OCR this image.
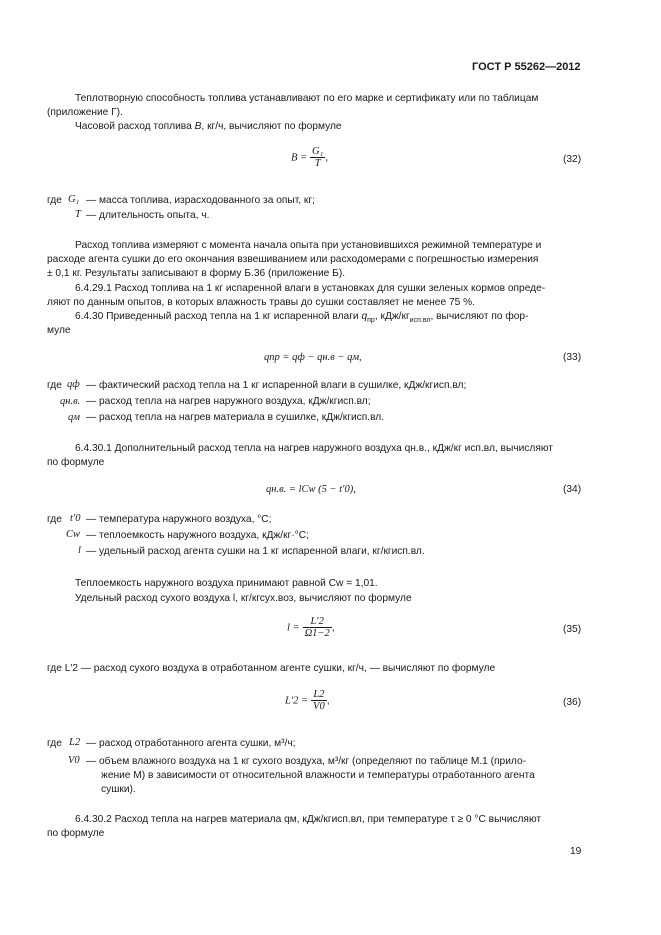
ГОСТ Р 55262—2012
Теплотворную способность топлива устанавливают по его марке и сертификату или по таблицам
(приложение Г).
Часовой расход топлива B, кг/ч, вычисляют по формуле
$B = \frac{\text{G₁}}{T}$ ,	(32)
где G₁ — масса топлива, израсходованного за опыт, кг;
T — длительность опыта, ч.
Расход топлива измеряют с момента начала опыта при установившихся режимной температуре и
расходе агента сушки до его окончания взвешиванием или расходомерами с погрешностью измерения
± 0,1 кг. Результаты записывают в форму Б.36 (приложение Б).
6.4.29.1 Расход топлива на 1 кг испаренной влаги в установках для сушки зеленых кормов опреде-
ляют по данным опытов, в которых влажность травы до сушки составляет не менее 75 %.
6.4.30 Приведенный расход тепла на 1 кг испаренной влаги $q_{пр}$, кДж/$кг_{исп.вл}$, вычисляют по фор-
муле
qпр = qф − qн.в − qм,	(33)
где qф — фактический расход тепла на 1 кг испаренной влаги в сушилке, кДж/кгисп.вл;
qн.в. — расход тепла на нагрев наружного воздуха, кДж/кгисп.вл;
qм — расход тепла на нагрев материала в сушилке, кДж/кгисп.вл.
6.4.30.1 Дополнительный расход тепла на нагрев наружного воздуха qн.в., кДж/кг исп.вл, вычисляют
по формуле
qн.в. = lCw (5 − t′0),	(34)
где t′0 — температура наружного воздуха, °С;
Cw — теплоемкость наружного воздуха, кДж/кг·°С;
l — удельный расход агента сушки на 1 кг испаренной влаги, кг/кгисп.вл.
Теплоемкость наружного воздуха принимают равной Cw = 1,01.
Удельный расход сухого воздуха l, кг/кгсух.воз, вычисляют по формуле
$l = \frac{L'2}{\Omega 1-2}$ ,	(35)
где L′2 — расход сухого воздуха в отработанном агенте сушки, кг/ч, — вычисляют по формуле
$L'2 = \frac{L2}{V0}$ ,	(36)
где L2 — расход отработанного агента сушки, м³/ч;
V0 — объем влажного воздуха на 1 кг сухого воздуха, м³/кг (определяют по таблице М.1 (прило-
жение М) в зависимости от относительной влажности и температуры отработанного агента
сушки).
6.4.30.2 Расход тепла на нагрев материала qм, кДж/кгисп.вл, при температуре τ ≥ 0 °С вычисляют
по формуле
19
